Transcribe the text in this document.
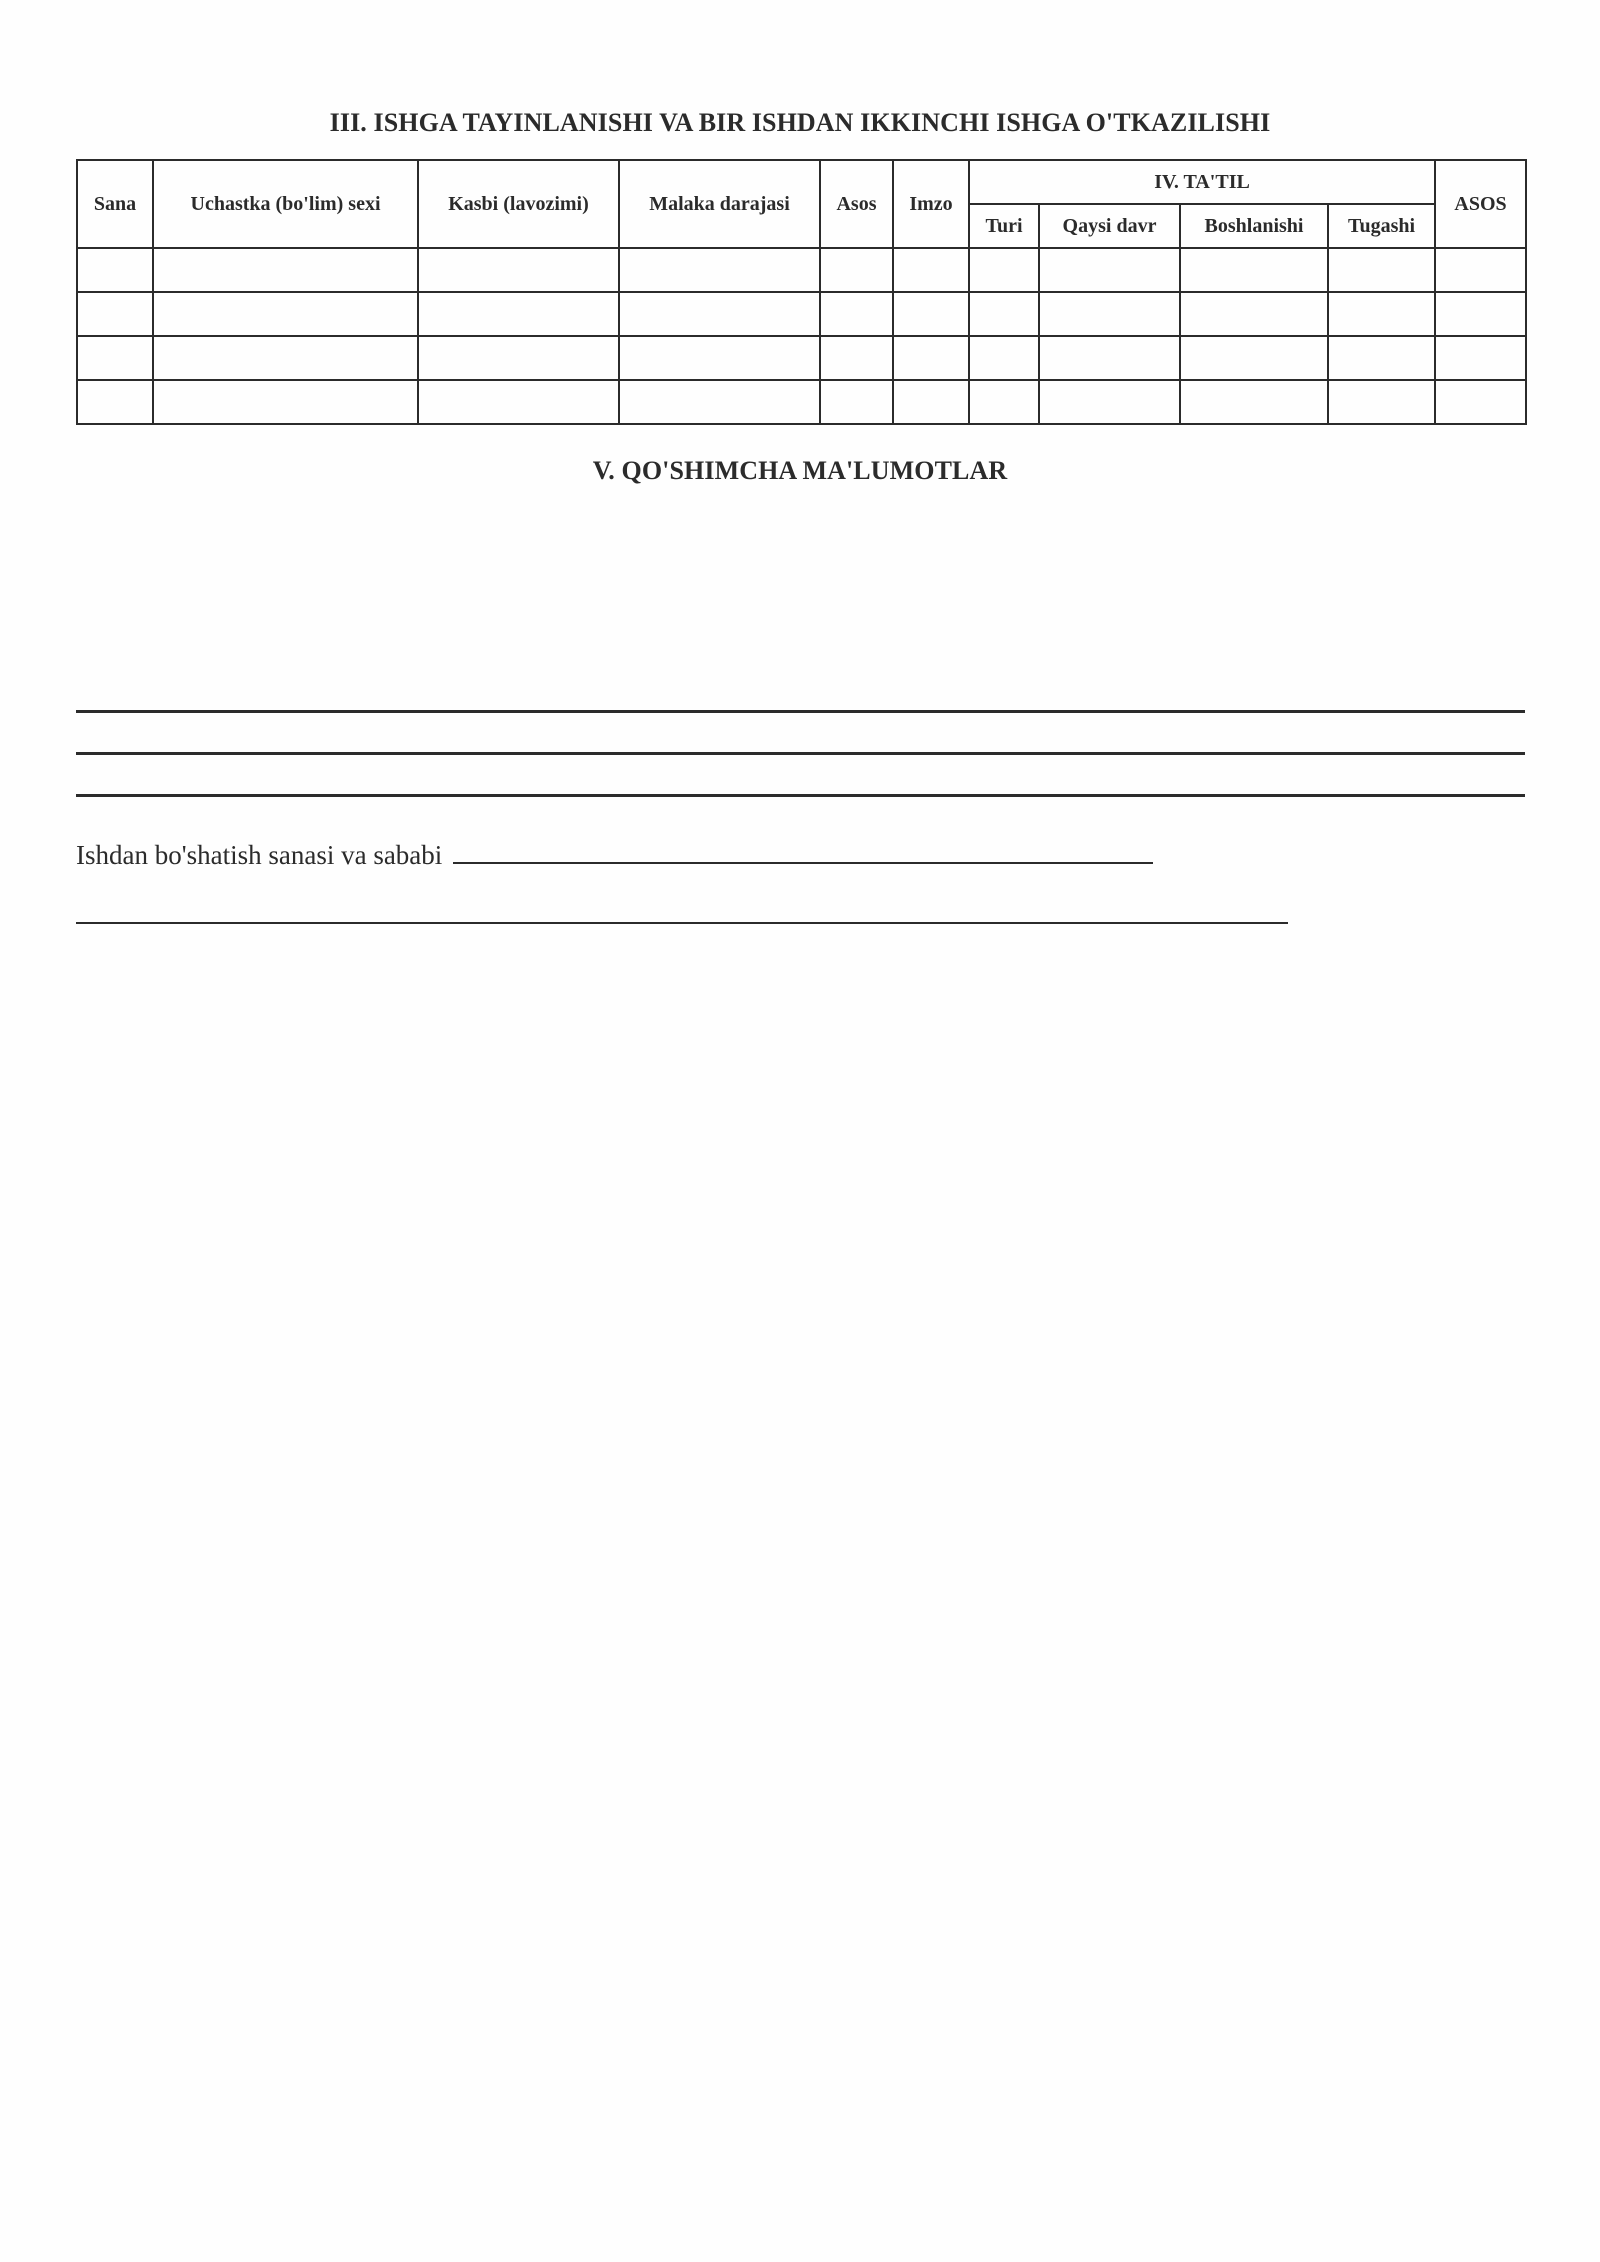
III. ISHGA TAYINLANISHI VA BIR ISHDAN IKKINCHI ISHGA O'TKAZILISHI
Sana	Uchastka (bo'lim) sexi	Kasbi (lavozimi)	Malaka darajasi	Asos	Imzo	IV. TA'TIL				ASOS
						Turi	Qaysi davr	Boshlanishi	Tugashi	

V. QO'SHIMCHA MA'LUMOTLAR
Ishdan bo'shatish sanasi va sababi
